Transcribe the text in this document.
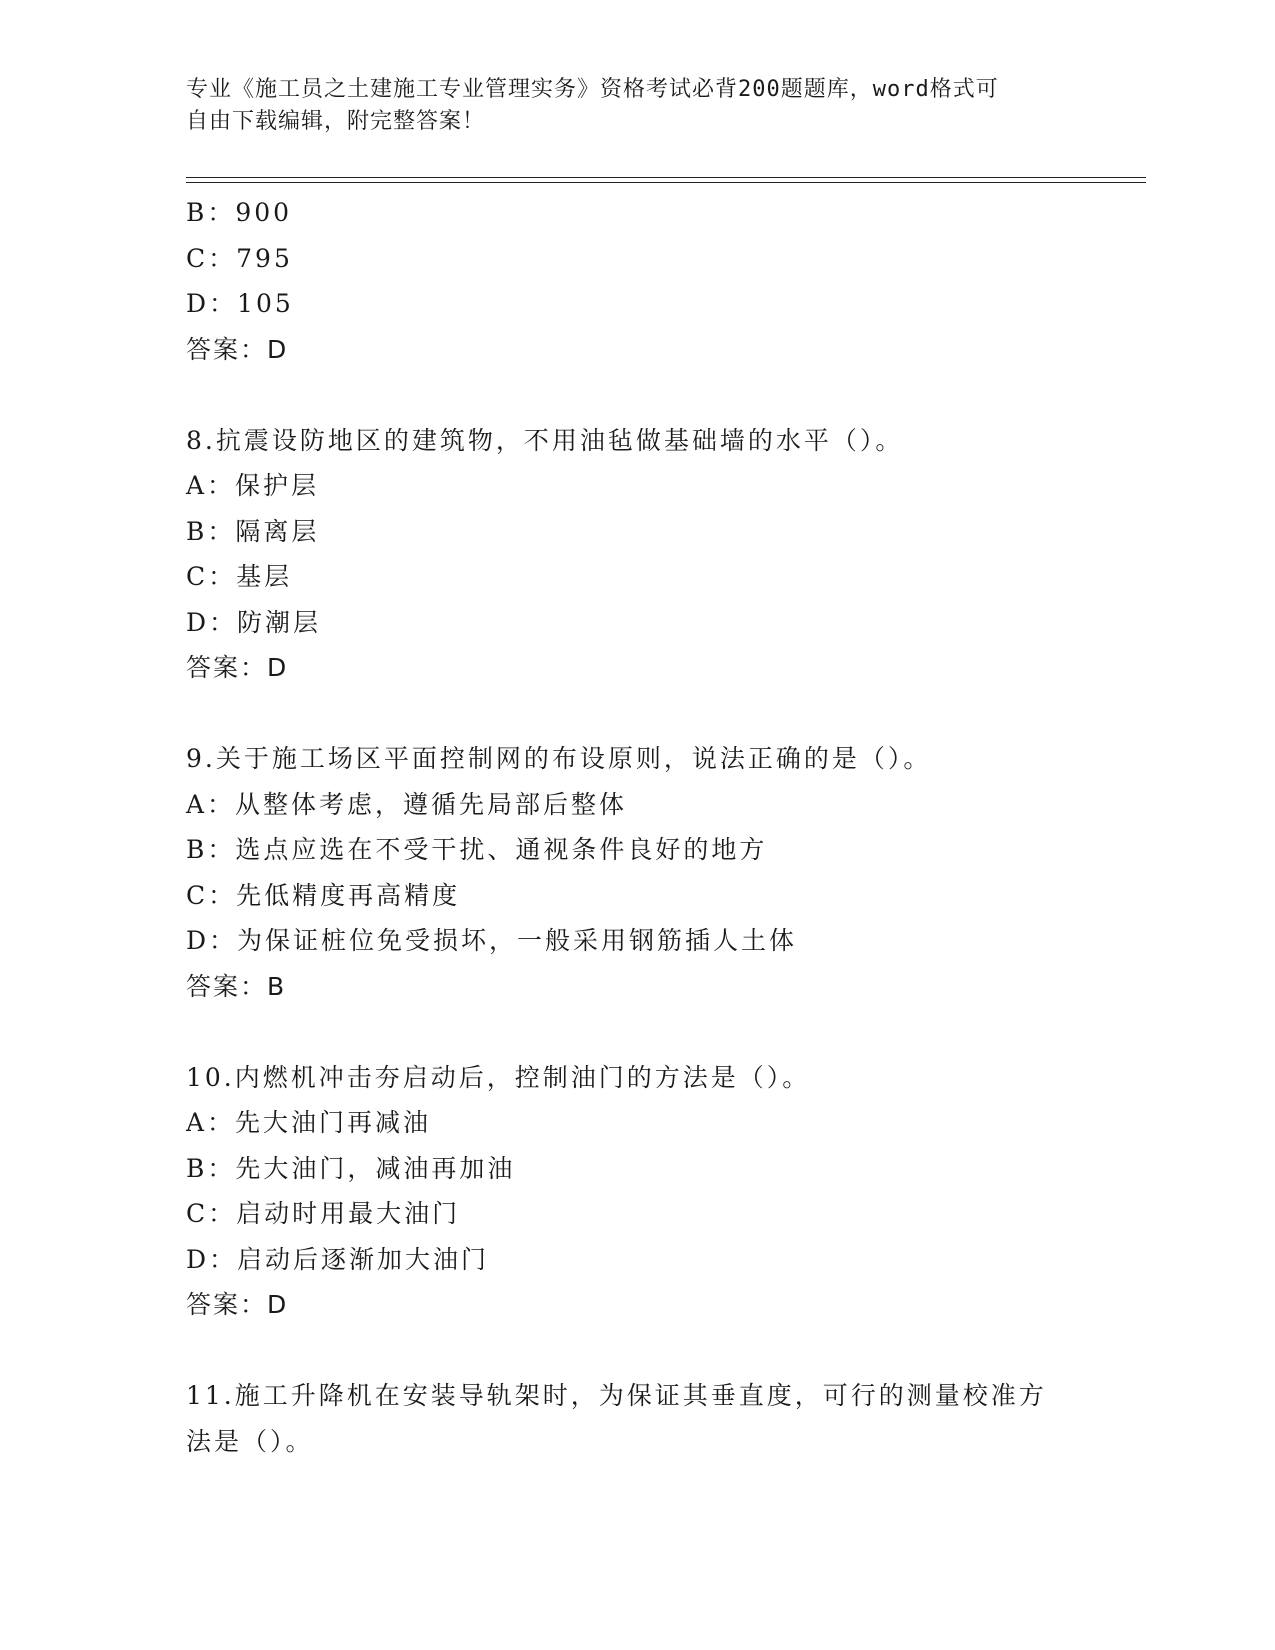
专业《施工员之土建施工专业管理实务》资格考试必背200题题库，word格式可
自由下载编辑，附完整答案！
B：900
C：795
D：105
答案：D
8.抗震设防地区的建筑物，不用油毡做基础墙的水平（）。
A：保护层
B：隔离层
C：基层
D：防潮层
答案：D
9.关于施工场区平面控制网的布设原则，说法正确的是（）。
A：从整体考虑，遵循先局部后整体
B：选点应选在不受干扰、通视条件良好的地方
C：先低精度再高精度
D：为保证桩位免受损坏，一般采用钢筋插人土体
答案：B
10.内燃机冲击夯启动后，控制油门的方法是（）。
A：先大油门再减油
B：先大油门，减油再加油
C：启动时用最大油门
D：启动后逐渐加大油门
答案：D
11.施工升降机在安装导轨架时，为保证其垂直度，可行的测量校准方
法是（）。
